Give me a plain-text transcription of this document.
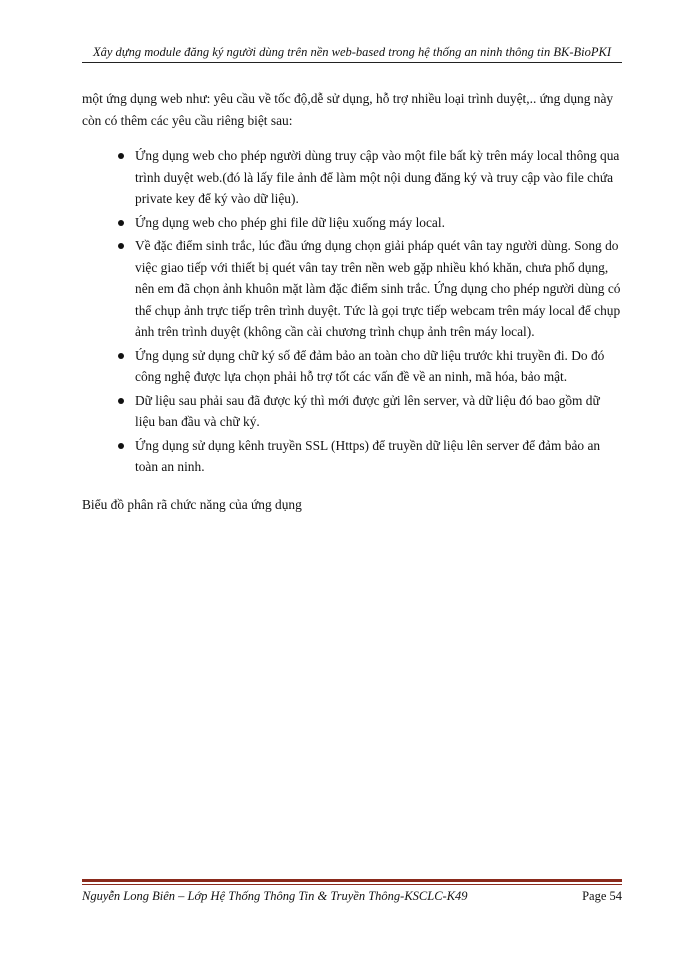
Xây dựng module đăng ký người dùng trên nền web-based trong hệ thống an ninh thông tin BK-BioPKI

một ứng dụng web như: yêu cầu về tốc độ,dễ sử dụng, hỗ trợ nhiều loại trình duyệt,.. ứng dụng này còn có thêm các yêu cầu riêng biệt sau:

Ứng dụng web cho phép người dùng truy cập vào một file bất kỳ trên máy local thông qua trình duyệt web.(đó là lấy file ảnh để làm một nội dung đăng ký và truy cập vào file chứa private key để ký vào dữ liệu).
Ứng dụng web cho phép ghi file dữ liệu xuống máy local.
Về đặc điểm sinh trắc, lúc đầu ứng dụng chọn giải pháp quét vân tay người dùng. Song do việc giao tiếp với thiết bị quét vân tay trên nền web gặp nhiều khó khăn, chưa phổ dụng, nên em đã chọn ảnh khuôn mặt làm đặc điểm sinh trắc. Ứng dụng cho phép người dùng có thể chụp ảnh trực tiếp trên trình duyệt. Tức là gọi trực tiếp webcam trên máy local để chụp ảnh trên trình duyệt (không cần cài chương trình chụp ảnh trên máy local).
Ứng dụng sử dụng chữ ký số để đảm bảo an toàn cho dữ liệu trước khi truyền đi. Do đó công nghệ được lựa chọn phải hỗ trợ tốt các vấn đề về an ninh, mã hóa, bảo mật.
Dữ liệu sau phải sau đã được ký thì mới được gửi lên server, và dữ liệu đó bao gồm dữ liệu ban đầu và chữ ký.
Ứng dụng sử dụng kênh truyền SSL (Https) để truyền dữ liệu lên server để đảm bảo an toàn an ninh.

Biểu đồ phân rã chức năng của ứng dụng

Nguyễn Long Biên – Lớp Hệ Thống Thông Tin & Truyền Thông-KSCLC-K49	Page 54
